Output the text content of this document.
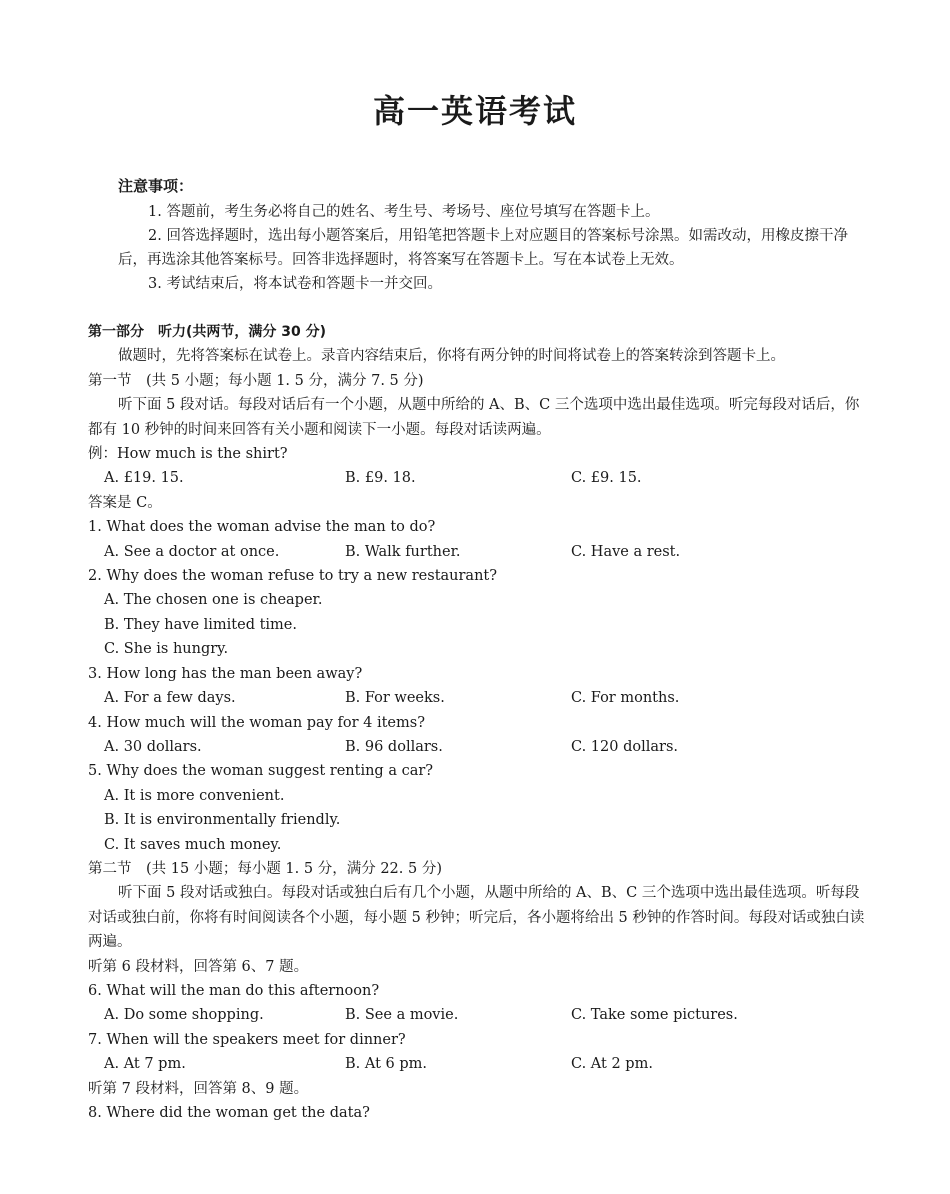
高一英语考试
注意事项：
1. 答题前，考生务必将自己的姓名、考生号、考场号、座位号填写在答题卡上。
2. 回答选择题时，选出每小题答案后，用铅笔把答题卡上对应题目的答案标号涂黑。如需改动，用橡皮擦干净后，再选涂其他答案标号。回答非选择题时，将答案写在答题卡上。写在本试卷上无效。
3. 考试结束后，将本试卷和答题卡一并交回。
第一部分　听力(共两节，满分 30 分)
做题时，先将答案标在试卷上。录音内容结束后，你将有两分钟的时间将试卷上的答案转涂到答题卡上。
第一节　(共 5 小题；每小题 1. 5 分，满分 7. 5 分)
听下面 5 段对话。每段对话后有一个小题，从题中所给的 A、B、C 三个选项中选出最佳选项。听完每段对话后，你都有 10 秒钟的时间来回答有关小题和阅读下一小题。每段对话读两遍。
例：How much is the shirt?
A. £19. 15.	B. £9. 18.	C. £9. 15.
答案是 C。
1. What does the woman advise the man to do?
A. See a doctor at once.	B. Walk further.	C. Have a rest.
2. Why does the woman refuse to try a new restaurant?
A. The chosen one is cheaper.
B. They have limited time.
C. She is hungry.
3. How long has the man been away?
A. For a few days.	B. For weeks.	C. For months.
4. How much will the woman pay for 4 items?
A. 30 dollars.	B. 96 dollars.	C. 120 dollars.
5. Why does the woman suggest renting a car?
A. It is more convenient.
B. It is environmentally friendly.
C. It saves much money.
第二节　(共 15 小题；每小题 1. 5 分，满分 22. 5 分)
听下面 5 段对话或独白。每段对话或独白后有几个小题，从题中所给的 A、B、C 三个选项中选出最佳选项。听每段对话或独白前，你将有时间阅读各个小题，每小题 5 秒钟；听完后，各小题将给出 5 秒钟的作答时间。每段对话或独白读两遍。
听第 6 段材料，回答第 6、7 题。
6. What will the man do this afternoon?
A. Do some shopping.	B. See a movie.	C. Take some pictures.
7. When will the speakers meet for dinner?
A. At 7 pm.	B. At 6 pm.	C. At 2 pm.
听第 7 段材料，回答第 8、9 题。
8. Where did the woman get the data?
